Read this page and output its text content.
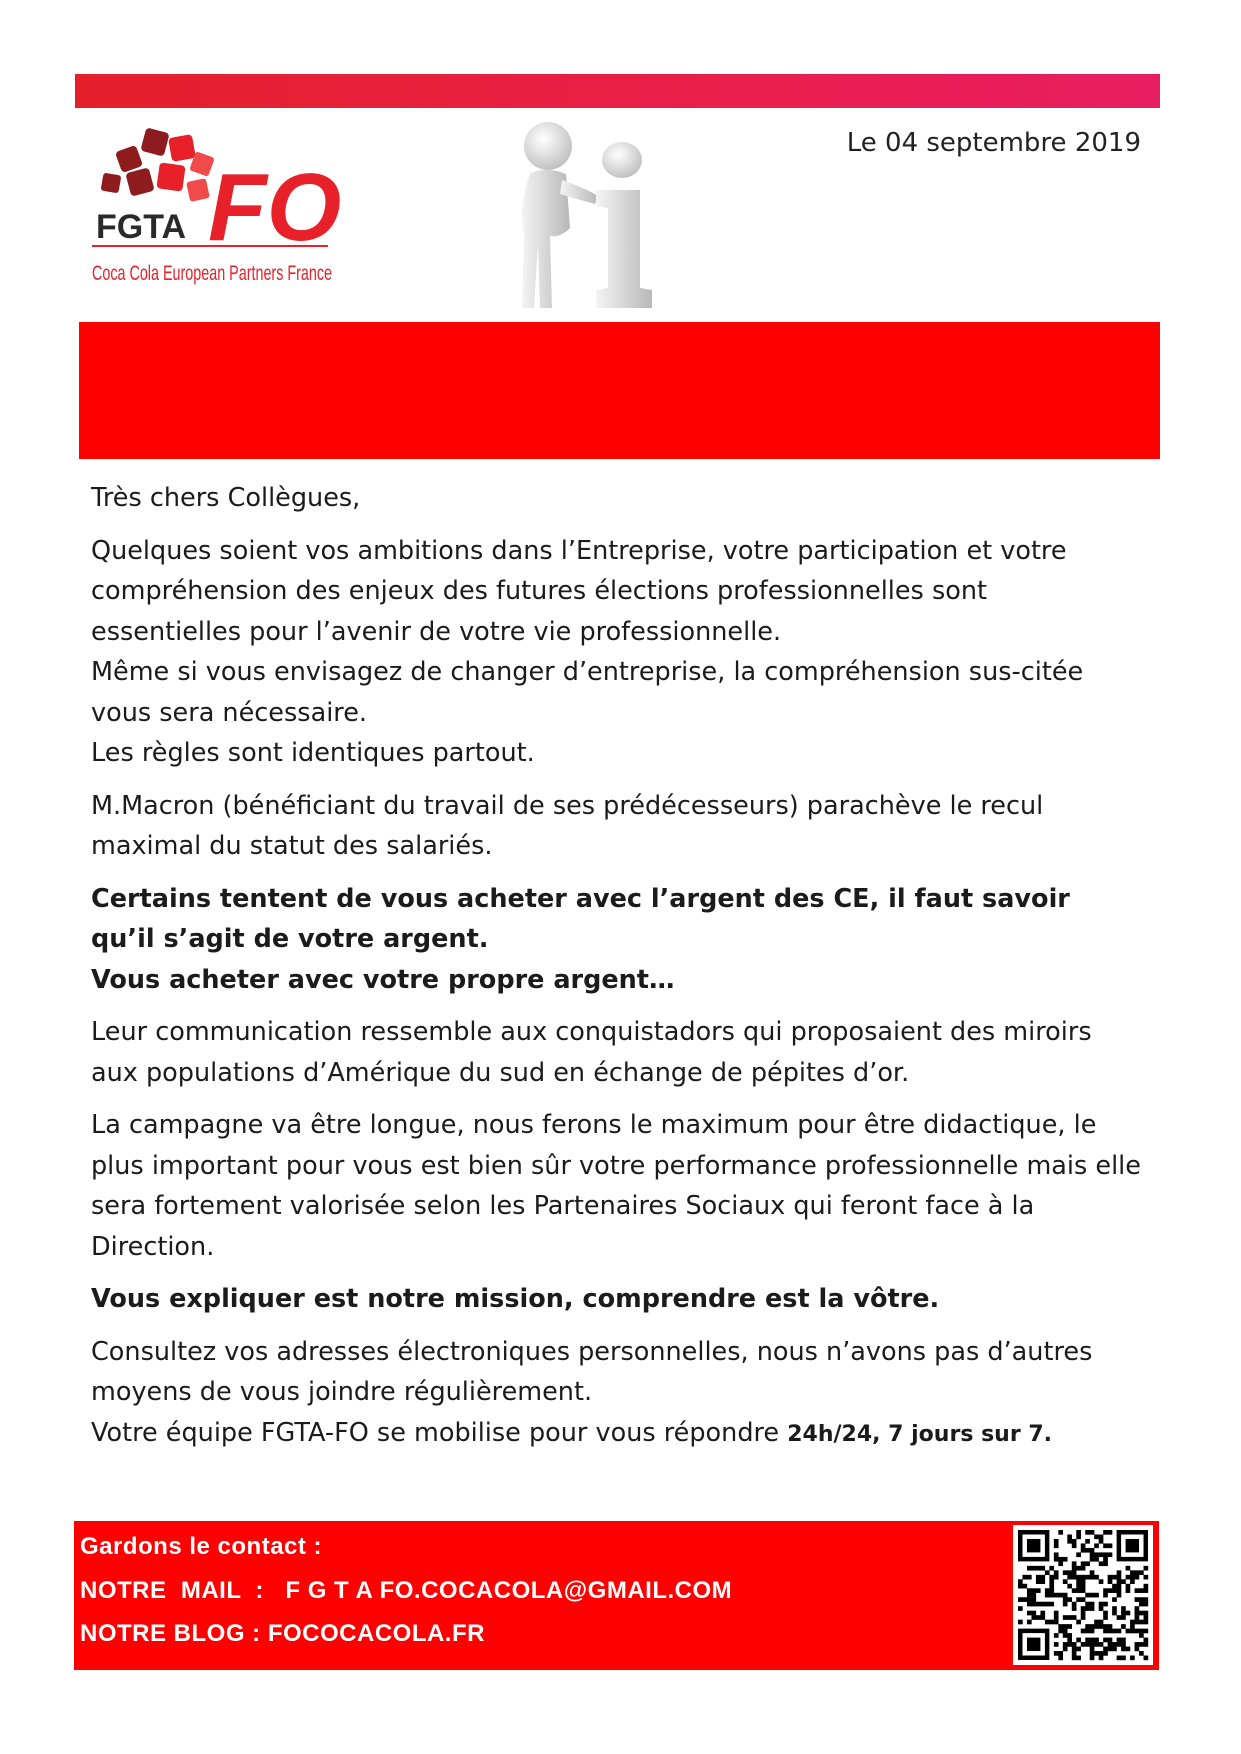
FGTA FO
Coca Cola European Partners France
Le 04 septembre 2019

Très chers Collègues,

Quelques soient vos ambitions dans l’Entreprise, votre participation et votre compréhension des enjeux des futures élections professionnelles sont essentielles pour l’avenir de votre vie professionnelle.

Même si vous envisagez de changer d’entreprise, la compréhension sus-citée vous sera nécessaire.

Les règles sont identiques partout.

M.Macron (bénéficiant du travail de ses prédécesseurs) parachève le recul maximal du statut des salariés.

Certains tentent de vous acheter avec l’argent des CE, il faut savoir qu’il s’agit de votre argent.

Vous acheter avec votre propre argent…

Leur communication ressemble aux conquistadors qui proposaient des miroirs aux populations d’Amérique du sud en échange de pépites d’or.

La campagne va être longue, nous ferons le maximum pour être didactique, le plus important pour vous est bien sûr votre performance professionnelle mais elle sera fortement valorisée selon les Partenaires Sociaux qui feront face à la Direction.

Vous expliquer est notre mission, comprendre est la vôtre.

Consultez vos adresses électroniques personnelles, nous n’avons pas d’autres moyens de vous joindre régulièrement.

Votre équipe FGTA-FO se mobilise pour vous répondre 24h/24, 7 jours sur 7.

Gardons le contact :
NOTRE  MAIL  :   F G T A FO.COCACOLA@GMAIL.COM
NOTRE BLOG : FOCOCACOLA.FR
